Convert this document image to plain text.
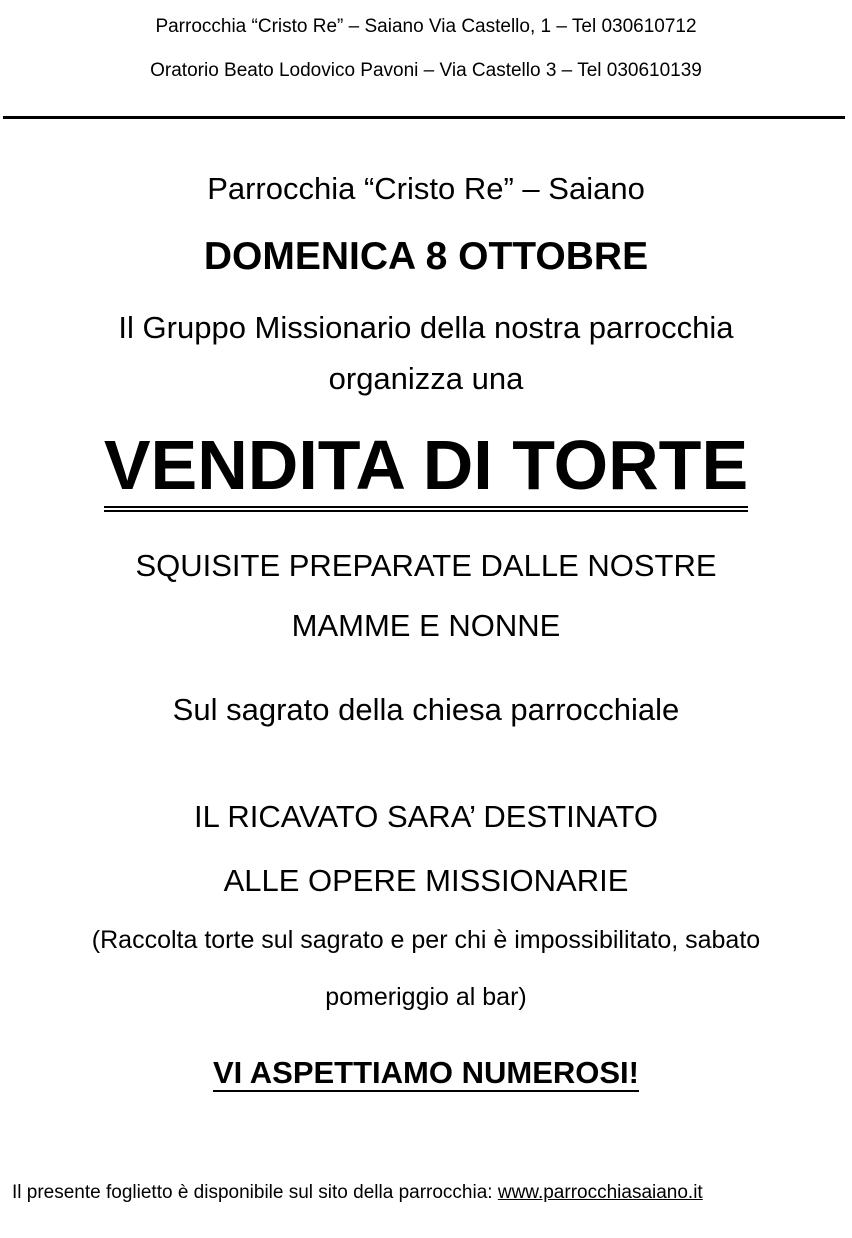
Parrocchia “Cristo Re” – Saiano Via Castello, 1 – Tel 030610712
Oratorio Beato Lodovico Pavoni – Via Castello 3 – Tel 030610139
Parrocchia “Cristo Re” – Saiano
DOMENICA 8 OTTOBRE
Il Gruppo Missionario della nostra parrocchia
organizza una
VENDITA DI TORTE
SQUISITE PREPARATE DALLE NOSTRE
MAMME E NONNE
Sul sagrato della chiesa parrocchiale
IL RICAVATO SARA’ DESTINATO
ALLE OPERE MISSIONARIE
(Raccolta torte sul sagrato e per chi è impossibilitato, sabato
pomeriggio al bar)
VI ASPETTIAMO NUMEROSI!
Il presente foglietto è disponibile sul sito della parrocchia: www.parrocchiasaiano.it
